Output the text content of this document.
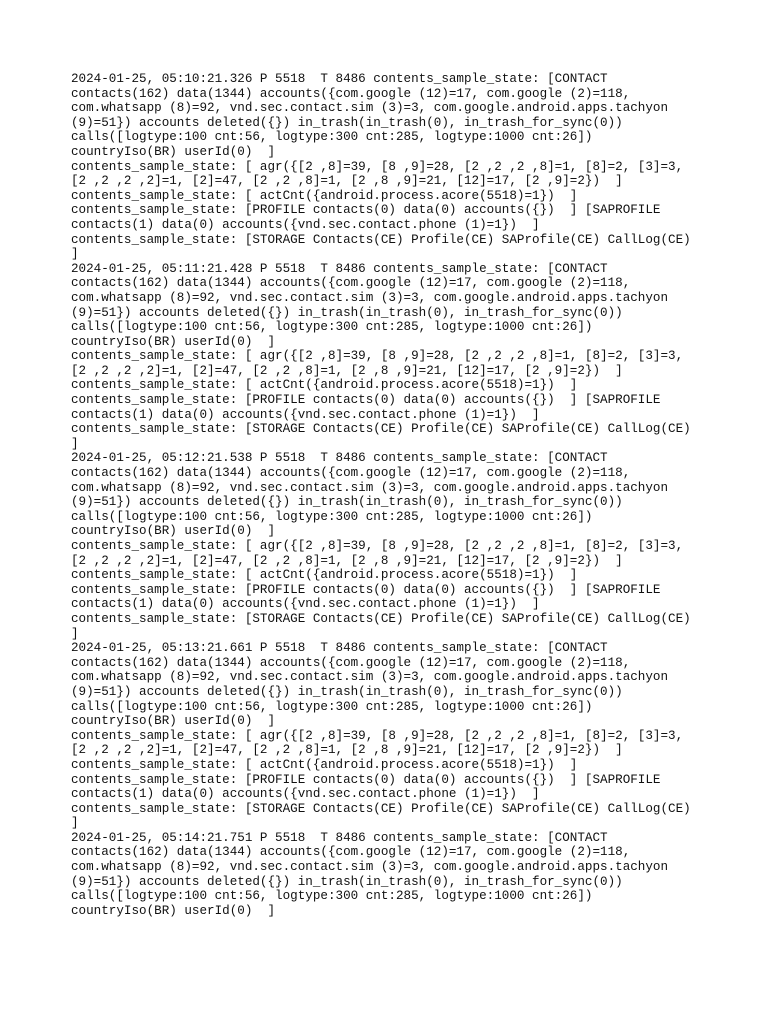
2024-01-25, 05:10:21.326 P 5518  T 8486 contents_sample_state: [CONTACT
contacts(162) data(1344) accounts({com.google (12)=17, com.google (2)=118,
com.whatsapp (8)=92, vnd.sec.contact.sim (3)=3, com.google.android.apps.tachyon
(9)=51}) accounts deleted({}) in_trash(in_trash(0), in_trash_for_sync(0))
calls([logtype:100 cnt:56, logtype:300 cnt:285, logtype:1000 cnt:26])
countryIso(BR) userId(0)  ]
contents_sample_state: [ agr({[2 ,8]=39, [8 ,9]=28, [2 ,2 ,2 ,8]=1, [8]=2, [3]=3,
[2 ,2 ,2 ,2]=1, [2]=47, [2 ,2 ,8]=1, [2 ,8 ,9]=21, [12]=17, [2 ,9]=2})  ]
contents_sample_state: [ actCnt({android.process.acore(5518)=1})  ]
contents_sample_state: [PROFILE contacts(0) data(0) accounts({})  ] [SAPROFILE
contacts(1) data(0) accounts({vnd.sec.contact.phone (1)=1})  ]
contents_sample_state: [STORAGE Contacts(CE) Profile(CE) SAProfile(CE) CallLog(CE)
]
2024-01-25, 05:11:21.428 P 5518  T 8486 contents_sample_state: [CONTACT
contacts(162) data(1344) accounts({com.google (12)=17, com.google (2)=118,
com.whatsapp (8)=92, vnd.sec.contact.sim (3)=3, com.google.android.apps.tachyon
(9)=51}) accounts deleted({}) in_trash(in_trash(0), in_trash_for_sync(0))
calls([logtype:100 cnt:56, logtype:300 cnt:285, logtype:1000 cnt:26])
countryIso(BR) userId(0)  ]
contents_sample_state: [ agr({[2 ,8]=39, [8 ,9]=28, [2 ,2 ,2 ,8]=1, [8]=2, [3]=3,
[2 ,2 ,2 ,2]=1, [2]=47, [2 ,2 ,8]=1, [2 ,8 ,9]=21, [12]=17, [2 ,9]=2})  ]
contents_sample_state: [ actCnt({android.process.acore(5518)=1})  ]
contents_sample_state: [PROFILE contacts(0) data(0) accounts({})  ] [SAPROFILE
contacts(1) data(0) accounts({vnd.sec.contact.phone (1)=1})  ]
contents_sample_state: [STORAGE Contacts(CE) Profile(CE) SAProfile(CE) CallLog(CE)
]
2024-01-25, 05:12:21.538 P 5518  T 8486 contents_sample_state: [CONTACT
contacts(162) data(1344) accounts({com.google (12)=17, com.google (2)=118,
com.whatsapp (8)=92, vnd.sec.contact.sim (3)=3, com.google.android.apps.tachyon
(9)=51}) accounts deleted({}) in_trash(in_trash(0), in_trash_for_sync(0))
calls([logtype:100 cnt:56, logtype:300 cnt:285, logtype:1000 cnt:26])
countryIso(BR) userId(0)  ]
contents_sample_state: [ agr({[2 ,8]=39, [8 ,9]=28, [2 ,2 ,2 ,8]=1, [8]=2, [3]=3,
[2 ,2 ,2 ,2]=1, [2]=47, [2 ,2 ,8]=1, [2 ,8 ,9]=21, [12]=17, [2 ,9]=2})  ]
contents_sample_state: [ actCnt({android.process.acore(5518)=1})  ]
contents_sample_state: [PROFILE contacts(0) data(0) accounts({})  ] [SAPROFILE
contacts(1) data(0) accounts({vnd.sec.contact.phone (1)=1})  ]
contents_sample_state: [STORAGE Contacts(CE) Profile(CE) SAProfile(CE) CallLog(CE)
]
2024-01-25, 05:13:21.661 P 5518  T 8486 contents_sample_state: [CONTACT
contacts(162) data(1344) accounts({com.google (12)=17, com.google (2)=118,
com.whatsapp (8)=92, vnd.sec.contact.sim (3)=3, com.google.android.apps.tachyon
(9)=51}) accounts deleted({}) in_trash(in_trash(0), in_trash_for_sync(0))
calls([logtype:100 cnt:56, logtype:300 cnt:285, logtype:1000 cnt:26])
countryIso(BR) userId(0)  ]
contents_sample_state: [ agr({[2 ,8]=39, [8 ,9]=28, [2 ,2 ,2 ,8]=1, [8]=2, [3]=3,
[2 ,2 ,2 ,2]=1, [2]=47, [2 ,2 ,8]=1, [2 ,8 ,9]=21, [12]=17, [2 ,9]=2})  ]
contents_sample_state: [ actCnt({android.process.acore(5518)=1})  ]
contents_sample_state: [PROFILE contacts(0) data(0) accounts({})  ] [SAPROFILE
contacts(1) data(0) accounts({vnd.sec.contact.phone (1)=1})  ]
contents_sample_state: [STORAGE Contacts(CE) Profile(CE) SAProfile(CE) CallLog(CE)
]
2024-01-25, 05:14:21.751 P 5518  T 8486 contents_sample_state: [CONTACT
contacts(162) data(1344) accounts({com.google (12)=17, com.google (2)=118,
com.whatsapp (8)=92, vnd.sec.contact.sim (3)=3, com.google.android.apps.tachyon
(9)=51}) accounts deleted({}) in_trash(in_trash(0), in_trash_for_sync(0))
calls([logtype:100 cnt:56, logtype:300 cnt:285, logtype:1000 cnt:26])
countryIso(BR) userId(0)  ]
